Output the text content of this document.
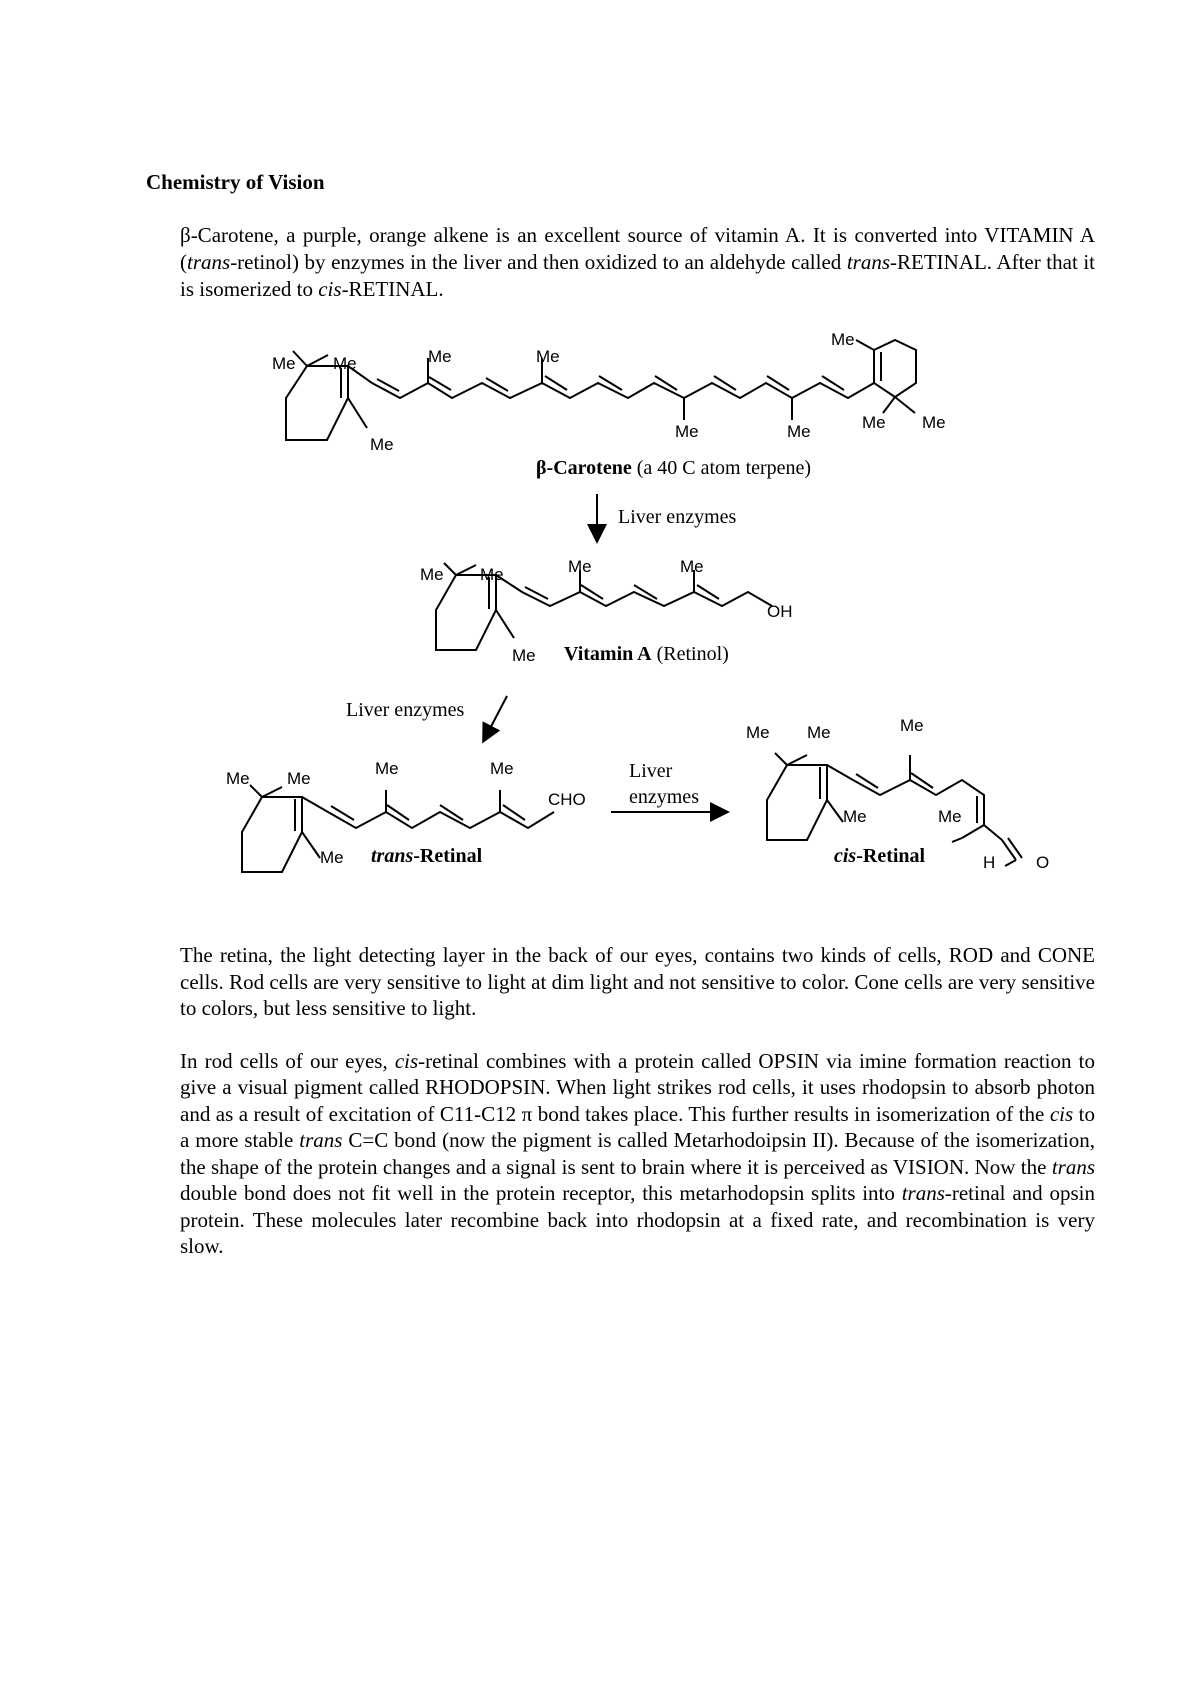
Chemistry of Vision

β-Carotene, a purple, orange alkene is an excellent source of vitamin A. It is converted into VITAMIN A (trans-retinol) by enzymes in the liver and then oxidized to an aldehyde called trans-RETINAL. After that it is isomerized to cis-RETINAL.

Me Me
Me
Me	Me
Me	Me
Me
Me Me
β-Carotene (a 40 C atom terpene)
Liver enzymes
Me Me	Me	Me
Me
OH
Vitamin A (Retinol)
Liver enzymes
Me Me
Me	Me
Me
CHO
trans-Retinal
Liver
enzymes
Me Me	Me
Me	Me
H O
cis-Retinal

The retina, the light detecting layer in the back of our eyes, contains two kinds of cells, ROD and CONE cells. Rod cells are very sensitive to light at dim light and not sensitive to color. Cone cells are very sensitive to colors, but less sensitive to light.

In rod cells of our eyes, cis-retinal combines with a protein called OPSIN via imine formation reaction to give a visual pigment called RHODOPSIN. When light strikes rod cells, it uses rhodopsin to absorb photon and as a result of excitation of C11-C12 π bond takes place. This further results in isomerization of the cis to a more stable trans C=C bond (now the pigment is called Metarhodoipsin II). Because of the isomerization, the shape of the protein changes and a signal is sent to brain where it is perceived as VISION. Now the trans double bond does not fit well in the protein receptor, this metarhodopsin splits into trans-retinal and opsin protein. These molecules later recombine back into rhodopsin at a fixed rate, and recombination is very slow.
